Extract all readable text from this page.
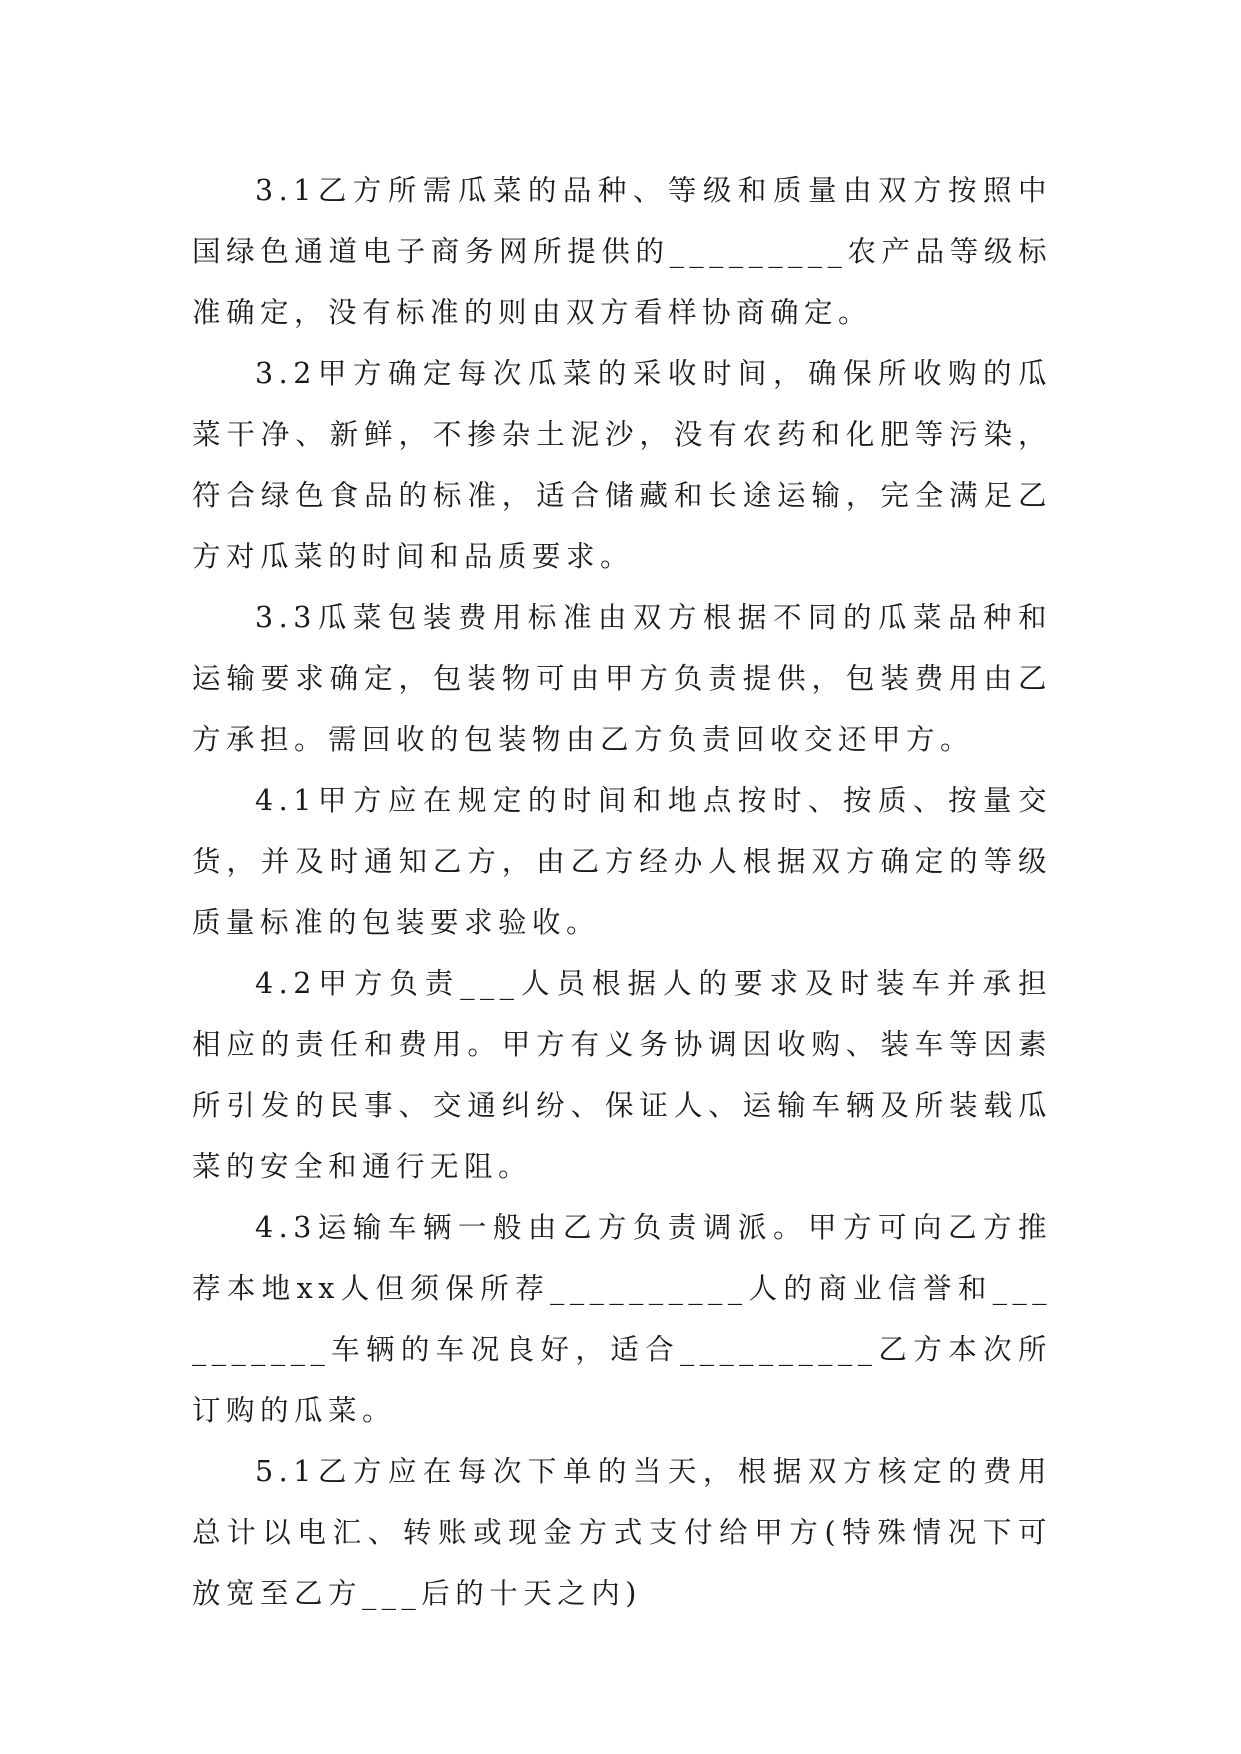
3.1乙方所需瓜菜的品种、等级和质量由双方按照中国绿色通道电子商务网所提供的_________农产品等级标准确定，没有标准的则由双方看样协商确定。

3.2甲方确定每次瓜菜的采收时间，确保所收购的瓜菜干净、新鲜，不掺杂土泥沙，没有农药和化肥等污染，符合绿色食品的标准，适合储藏和长途运输，完全满足乙方对瓜菜的时间和品质要求。

3.3瓜菜包装费用标准由双方根据不同的瓜菜品种和运输要求确定，包装物可由甲方负责提供，包装费用由乙方承担。需回收的包装物由乙方负责回收交还甲方。

4.1甲方应在规定的时间和地点按时、按质、按量交货，并及时通知乙方，由乙方经办人根据双方确定的等级质量标准的包装要求验收。

4.2甲方负责___人员根据人的要求及时装车并承担相应的责任和费用。甲方有义务协调因收购、装车等因素所引发的民事、交通纠纷、保证人、运输车辆及所装载瓜菜的安全和通行无阻。

4.3运输车辆一般由乙方负责调派。甲方可向乙方推荐本地xx人但须保所荐__________人的商业信誉和__________车辆的车况良好，适合__________乙方本次所订购的瓜菜。

5.1乙方应在每次下单的当天，根据双方核定的费用总计以电汇、转账或现金方式支付给甲方(特殊情况下可放宽至乙方___后的十天之内)
